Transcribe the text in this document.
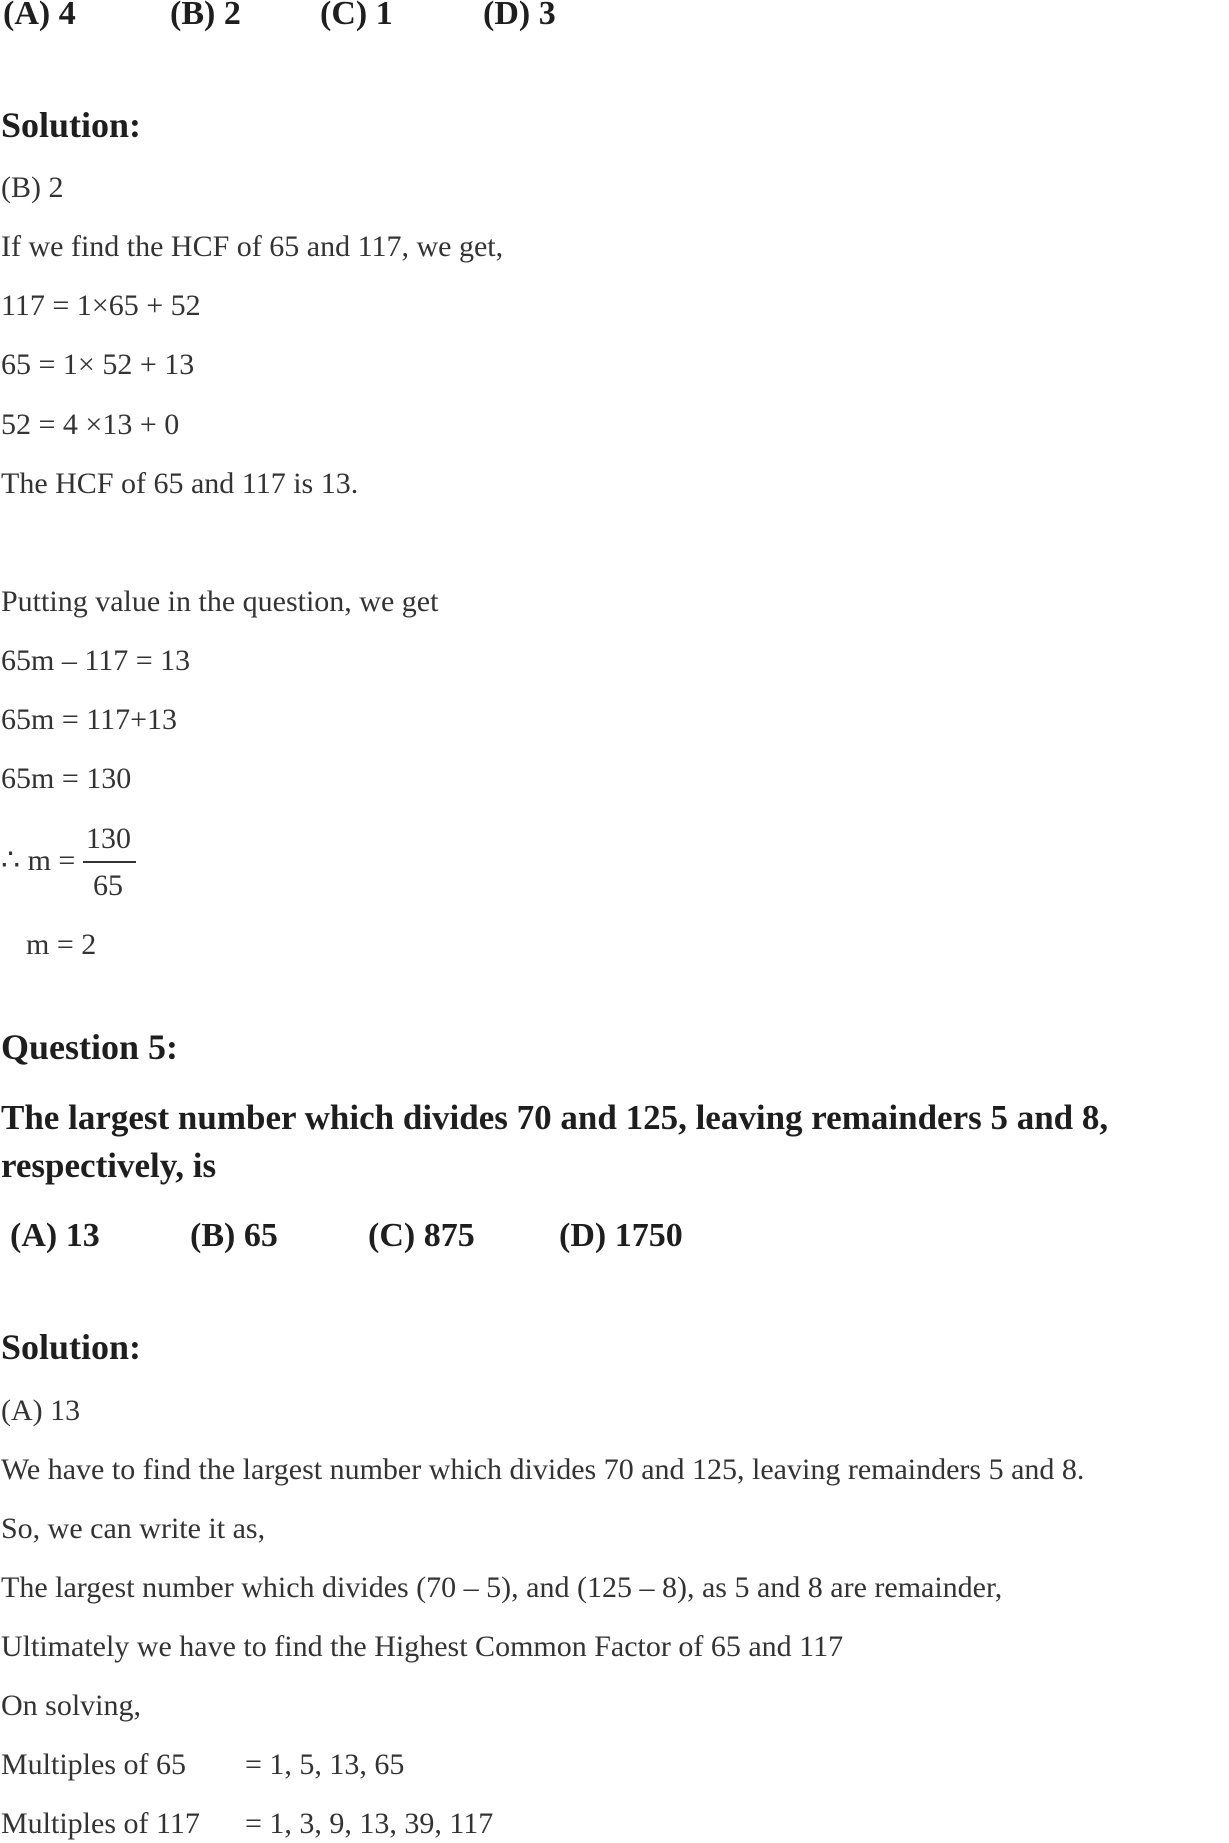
(A) 4	(B) 2 (C) 1	(D) 3
Solution:
(B) 2
If we find the HCF of 65 and 117, we get,
117 = 1×65 + 52
65 = 1× 52 + 13
52 = 4 ×13 + 0
The HCF of 65 and 117 is 13.
Putting value in the question, we get
65m – 117 = 13
65m = 117+13
65m = 130
∴ m =
130
65
m = 2
Question 5:
The largest number which divides 70 and 125, leaving remainders 5 and 8,
respectively, is
(A) 13	(B) 65	(C) 875 (D) 1750
Solution:
(A) 13
We have to find the largest number which divides 70 and 125, leaving remainders 5 and 8.
So, we can write it as,
The largest number which divides (70 – 5), and (125 – 8), as 5 and 8 are remainder,
Ultimately we have to find the Highest Common Factor of 65 and 117
On solving,
Multiples of 65 = 1, 5, 13, 65
Multiples of 117 = 1, 3, 9, 13, 39, 117
